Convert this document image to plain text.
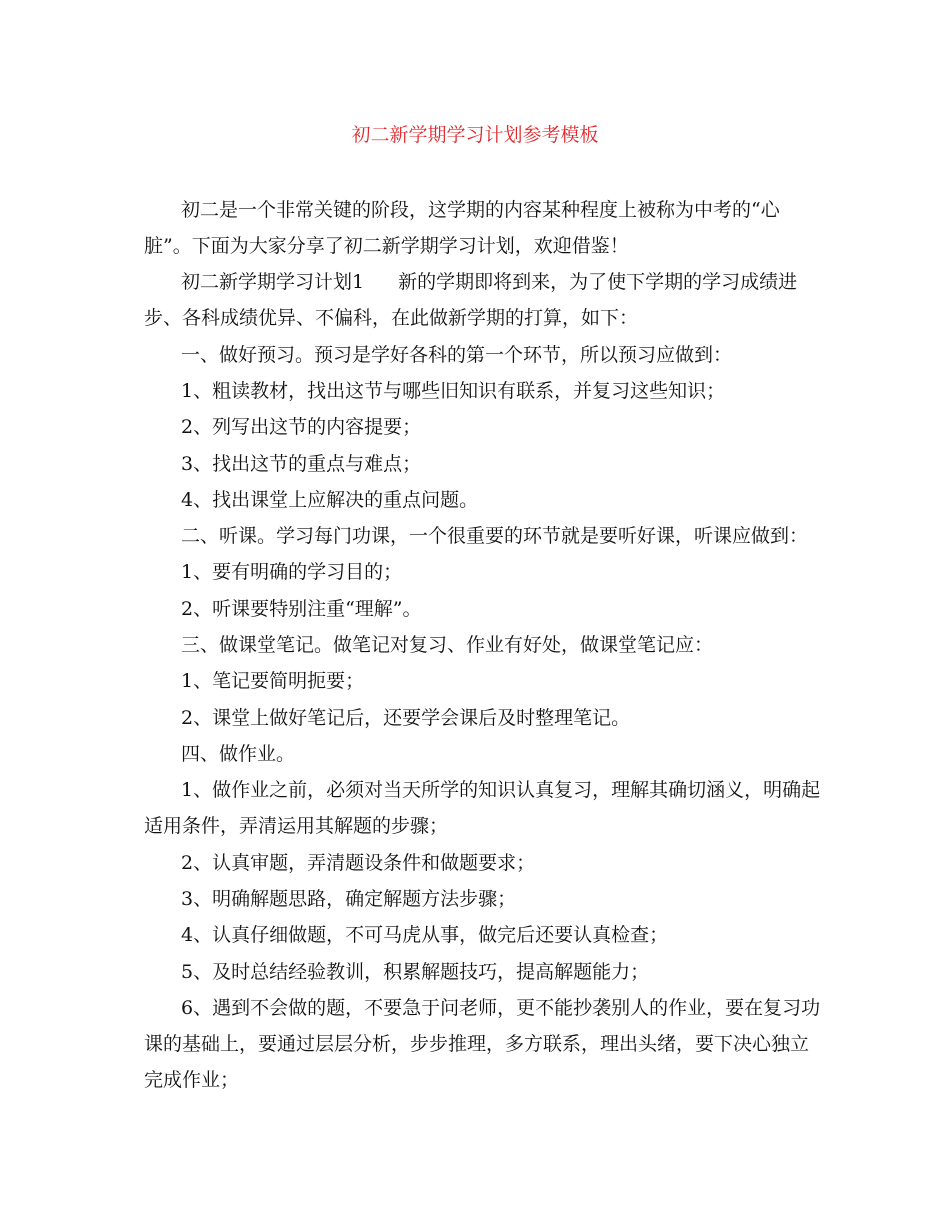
初二新学期学习计划参考模板
初二是一个非常关键的阶段，这学期的内容某种程度上被称为中考的“心
脏”。下面为大家分享了初二新学期学习计划，欢迎借鉴！
初二新学期学习计划1 新的学期即将到来，为了使下学期的学习成绩进
步、各科成绩优异、不偏科，在此做新学期的打算，如下：
一、做好预习。预习是学好各科的第一个环节，所以预习应做到：
1、粗读教材，找出这节与哪些旧知识有联系，并复习这些知识；
2、列写出这节的内容提要；
3、找出这节的重点与难点；
4、找出课堂上应解决的重点问题。
二、听课。学习每门功课，一个很重要的环节就是要听好课，听课应做到：
1、要有明确的学习目的；
2、听课要特别注重“理解”。
三、做课堂笔记。做笔记对复习、作业有好处，做课堂笔记应：
1、笔记要简明扼要；
2、课堂上做好笔记后，还要学会课后及时整理笔记。
四、做作业。
1、做作业之前，必须对当天所学的知识认真复习，理解其确切涵义，明确起
适用条件，弄清运用其解题的步骤；
2、认真审题，弄清题设条件和做题要求；
3、明确解题思路，确定解题方法步骤；
4、认真仔细做题，不可马虎从事，做完后还要认真检查；
5、及时总结经验教训，积累解题技巧，提高解题能力；
6、遇到不会做的题，不要急于问老师，更不能抄袭别人的作业，要在复习功
课的基础上，要通过层层分析，步步推理，多方联系，理出头绪，要下决心独立
完成作业；
